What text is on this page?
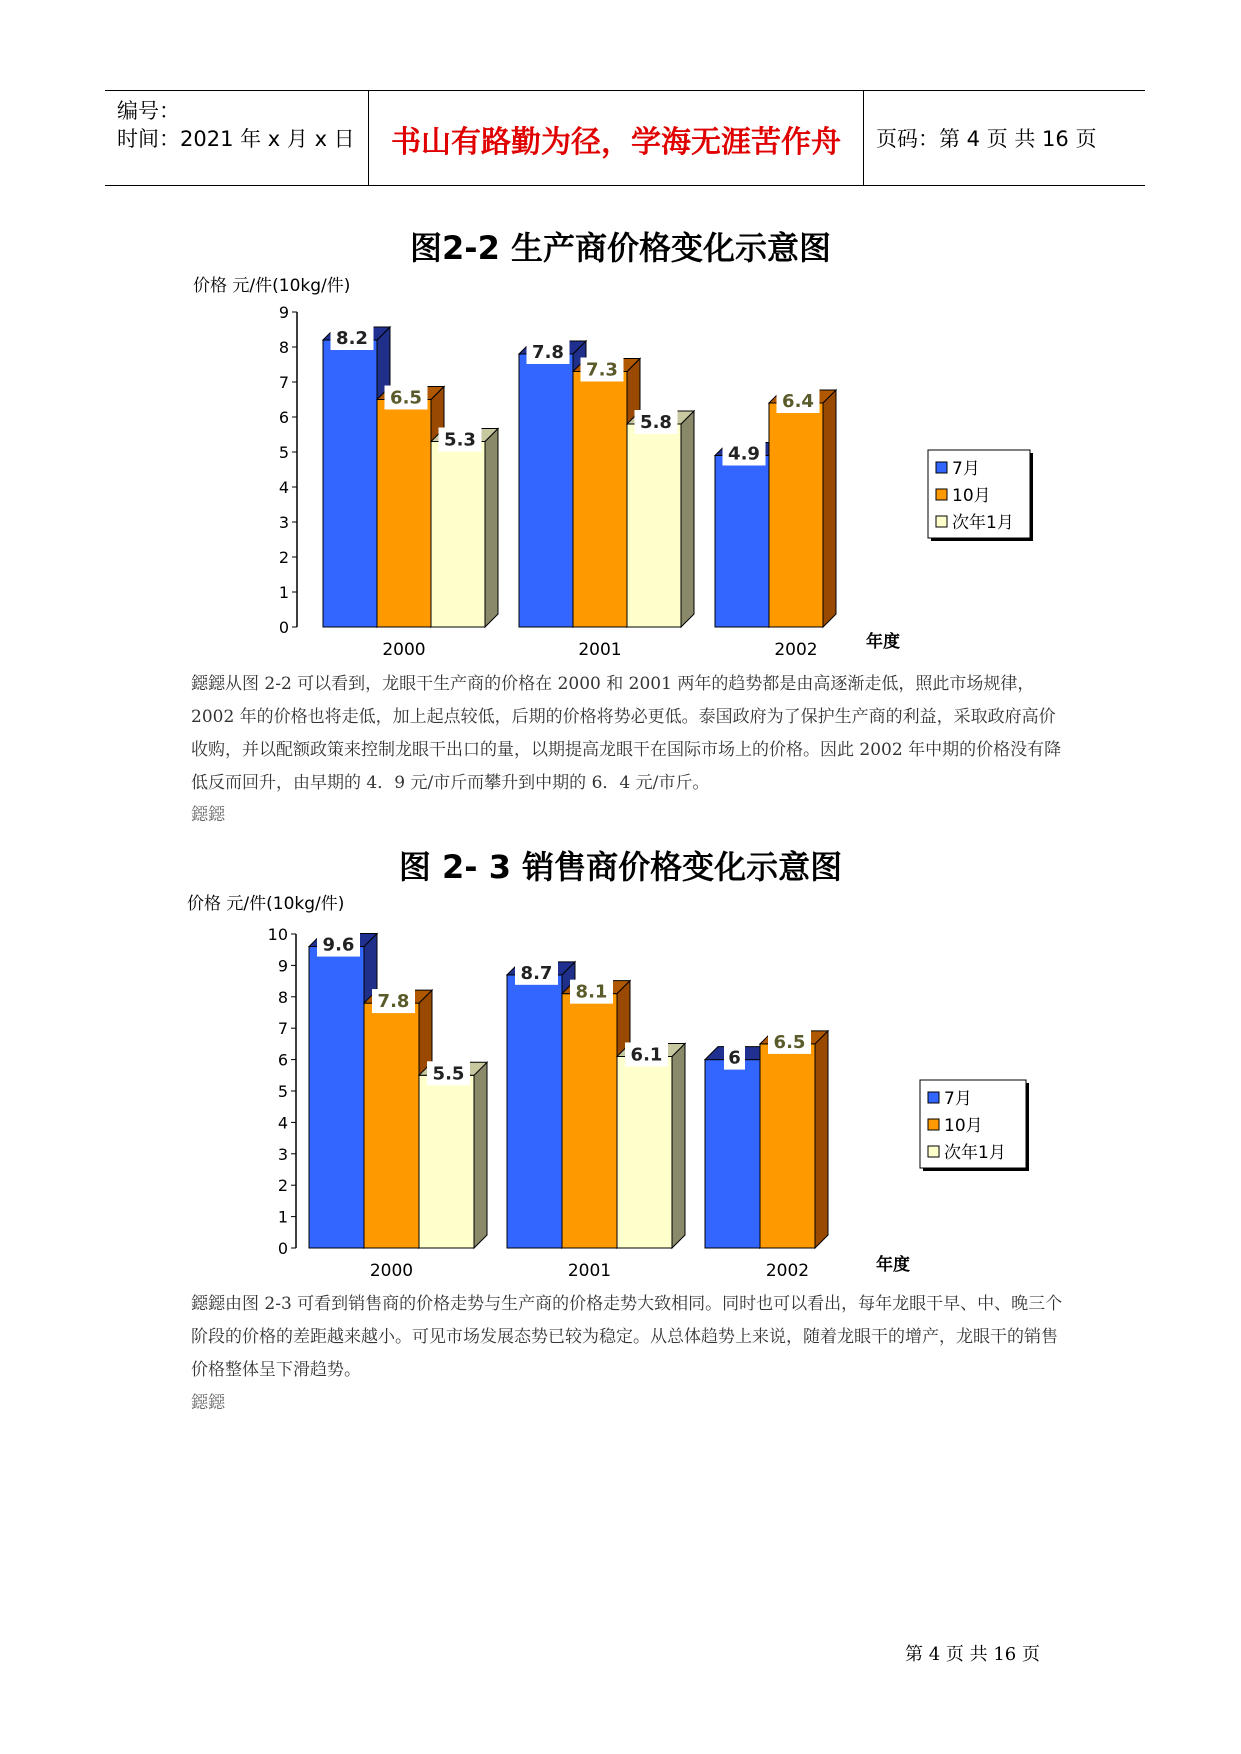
编号：
时间：2021 年 x 月 x 日	书山有路勤为径，学海无涯苦作舟	页码：第 4 页 共 16 页
图2-2 生产商价格变化示意图
价格 元/件(10kg/件)
0
1
2
3
4
5
6
7
8
9
8.2
6.5
5.3
2000
7.8
7.3
5.8
2001
4.9
6.4
2002	年度
7月
10月
次年1月
鐚鐚从图 2-2 可以看到，龙眼干生产商的价格在 2000 和 2001 两年的趋势都是由高逐渐走低，照此市场规律，2002 年的价格也将走低，加上起点较低，后期的价格将势必更低。泰国政府为了保护生产商的利益，采取政府高价收购，并以配额政策来控制龙眼干出口的量，以期提高龙眼干在国际市场上的价格。因此 2002 年中期的价格没有降低反而回升，由早期的 4．9 元/市斤而攀升到中期的 6．4 元/市斤。
鐚鐚
图 2- 3 销售商价格变化示意图
价格 元/件(10kg/件)
0
1
2
3
4
5
6
7
8
9
10
9.6
7.8
5.5
2000
8.7
8.1
6.1
2001
6
6.5
2002	年度
7月
10月
次年1月
鐚鐚由图 2-3 可看到销售商的价格走势与生产商的价格走势大致相同。同时也可以看出，每年龙眼干早、中、晚三个阶段的价格的差距越来越小。可见市场发展态势已较为稳定。从总体趋势上来说，随着龙眼干的增产，龙眼干的销售价格整体呈下滑趋势。
鐚鐚
第 4 页 共 16 页
